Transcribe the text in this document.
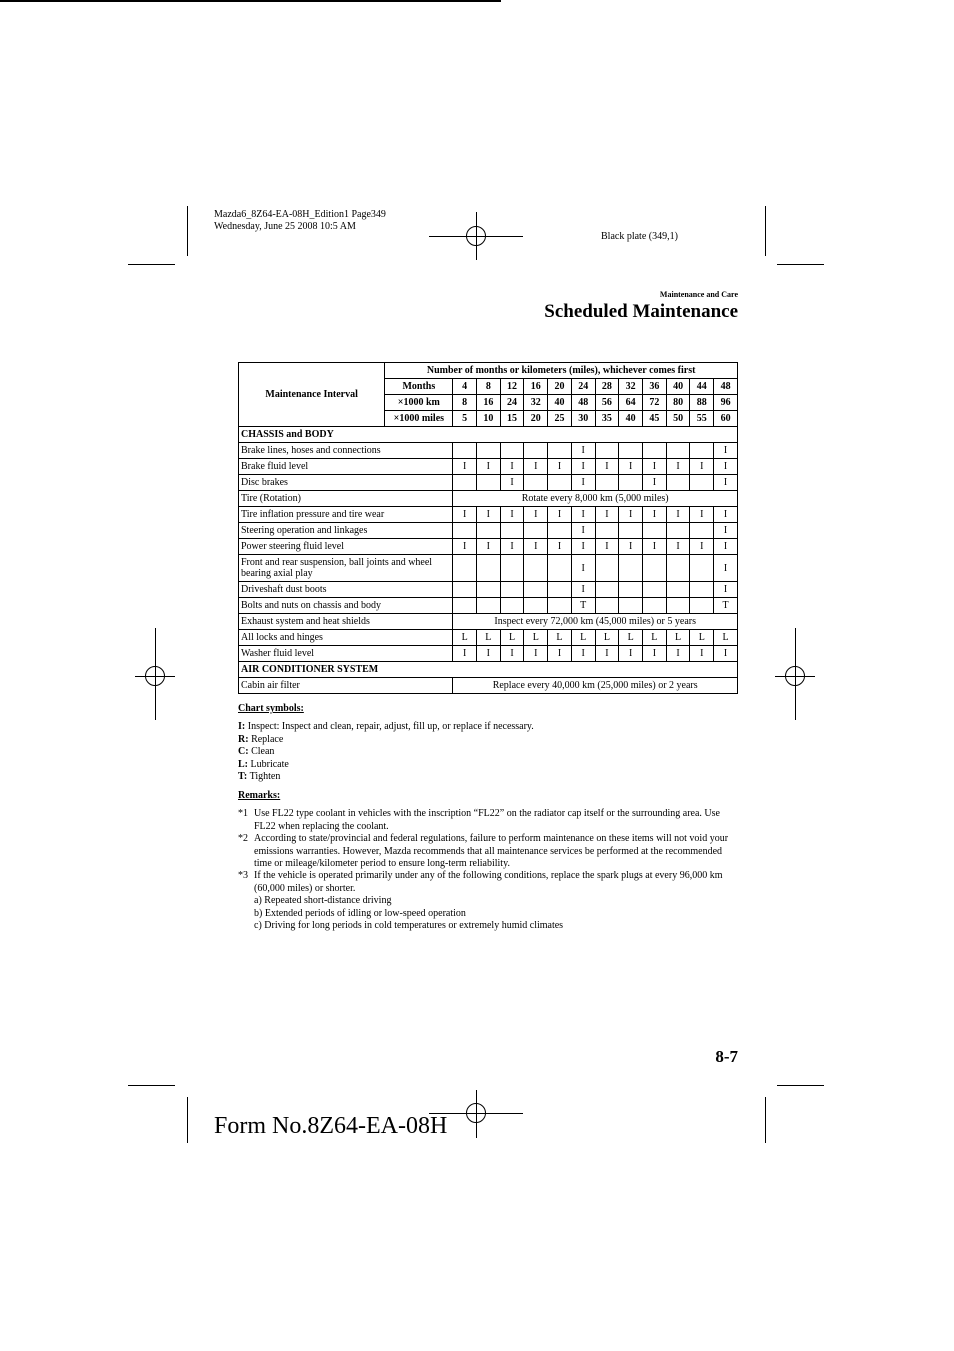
Mazda6_8Z64-EA-08H_Edition1 Page349
Wednesday, June 25 2008 10:5 AM
Black plate (349,1)
Maintenance and Care
Scheduled Maintenance
Maintenance Interval	Number of months or kilometers (miles), whichever comes first												
	Months	4	8	12	16	20	24	28	32	36	40	44	48
	×1000 km	8	16	24	32	40	48	56	64	72	80	88	96
	×1000 miles	5	10	15	20	25	30	35	40	45	50	55	60
CHASSIS and BODY													
Brake lines, hoses and connections							I						I
Brake fluid level		I	I	I	I	I	I	I	I	I	I	I	I
Disc brakes				I			I			I			I
Tire (Rotation)		Rotate every 8,000 km (5,000 miles)											
Tire inflation pressure and tire wear		I	I	I	I	I	I	I	I	I	I	I	I
Steering operation and linkages							I						I
Power steering fluid level		I	I	I	I	I	I	I	I	I	I	I	I
Front and rear suspension, ball joints and wheel bearing axial play							I						I
Driveshaft dust boots							I						I
Bolts and nuts on chassis and body							T						T
Exhaust system and heat shields		Inspect every 72,000 km (45,000 miles) or 5 years											
All locks and hinges		L	L	L	L	L	L	L	L	L	L	L	L
Washer fluid level		I	I	I	I	I	I	I	I	I	I	I	I
AIR CONDITIONER SYSTEM													
Cabin air filter		Replace every 40,000 km (25,000 miles) or 2 years											
Chart symbols:
I: Inspect: Inspect and clean, repair, adjust, fill up, or replace if necessary.
R: Replace
C: Clean
L: Lubricate
T: Tighten
Remarks:
*1 Use FL22 type coolant in vehicles with the inscription “FL22” on the radiator cap itself or the surrounding area. Use FL22 when replacing the coolant.
*2 According to state/provincial and federal regulations, failure to perform maintenance on these items will not void your emissions warranties. However, Mazda recommends that all maintenance services be performed at the recommended time or mileage/kilometer period to ensure long-term reliability.
*3 If the vehicle is operated primarily under any of the following conditions, replace the spark plugs at every 96,000 km (60,000 miles) or shorter.
a) Repeated short-distance driving
b) Extended periods of idling or low-speed operation
c) Driving for long periods in cold temperatures or extremely humid climates
8-7
Form No.8Z64-EA-08H
